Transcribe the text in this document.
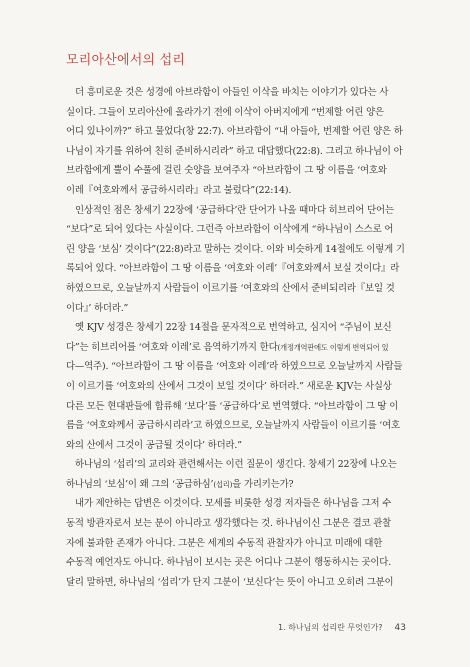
모리아산에서의 섭리
더 흥미로운 것은 성경에 아브라함이 아들인 이삭을 바치는 이야기가 있다는 사
실이다. 그들이 모리아산에 올라가기 전에 이삭이 아버지에게 “번제할 어린 양은
어디 있나이까?” 하고 물었다(창 22:7). 아브라함이 “내 아들아, 번제할 어린 양은 하
나님이 자기를 위하여 친히 준비하시리라” 하고 대답했다(22:8). 그리고 하나님이 아
브라함에게 뿔이 수풀에 걸린 숫양을 보여주자 “아브라함이 그 땅 이름을 ‘여호와
이레『여호와께서 공급하시리라』라고 불렀다”(22:14).
인상적인 점은 창세기 22장에 ‘공급하다’란 단어가 나올 때마다 히브리어 단어는
“보다”로 되어 있다는 사실이다. 그런즉 아브라함이 이삭에게 “하나님이 스스로 어
린 양을 ‘보심’ 것이다”(22:8)라고 말하는 것이다. 이와 비슷하게 14절에도 이렇게 기
록되어 있다. “아브라함이 그 땅 이름을 ‘여호와 이레’『여호와께서 보실 것이다』라
하였으므로, 오늘날까지 사람들이 이르기를 ‘여호와의 산에서 준비되리라『보일 것
이다』’ 하더라.”
옛 KJV 성경은 창세기 22장 14절을 문자적으로 번역하고, 심지어 “주님이 보신
다”는 히브리어를 ‘여호와 이레’로 음역하기까지 한다(개정개역판에도 이렇게 번역되어 있
다—역주). “아브라함이 그 땅 이름을 ‘여호와 이레’라 하였으므로 오늘날까지 사람들
이 이르기를 ‘여호와의 산에서 그것이 보일 것이다’ 하더라.” 새로운 KJV는 사실상
다른 모든 현대판들에 합류해 ‘보다’를 ‘공급하다’로 번역했다. “아브라함이 그 땅 이
름을 ‘여호와께서 공급하시리라’고 하였으므로, 오늘날까지 사람들이 이르기를 ‘여호
와의 산에서 그것이 공급될 것이다’ 하더라.”
하나님의 ‘섭리’의 교리와 관련해서는 이런 질문이 생긴다. 창세기 22장에 나오는
하나님의 ‘보심’이 왜 그의 ‘공급하심’(섭리)을 가리키는가?
내가 제안하는 답변은 이것이다. 모세를 비롯한 성경 저자들은 하나님을 그저 수
동적 방관자로서 보는 분이 아니라고 생각했다는 것. 하나님이신 그분은 결코 관찰
자에 불과한 존재가 아니다. 그분은 세계의 수동적 관찰자가 아니고 미래에 대한
수동적 예언자도 아니다. 하나님이 보시는 곳은 어디나 그분이 행동하시는 곳이다.
달리 말하면, 하나님의 ‘섭리’가 단지 그분이 ‘보신다’는 뜻이 아니고 오히려 그분이
1. 하나님의 섭리란 무엇인가? 43
